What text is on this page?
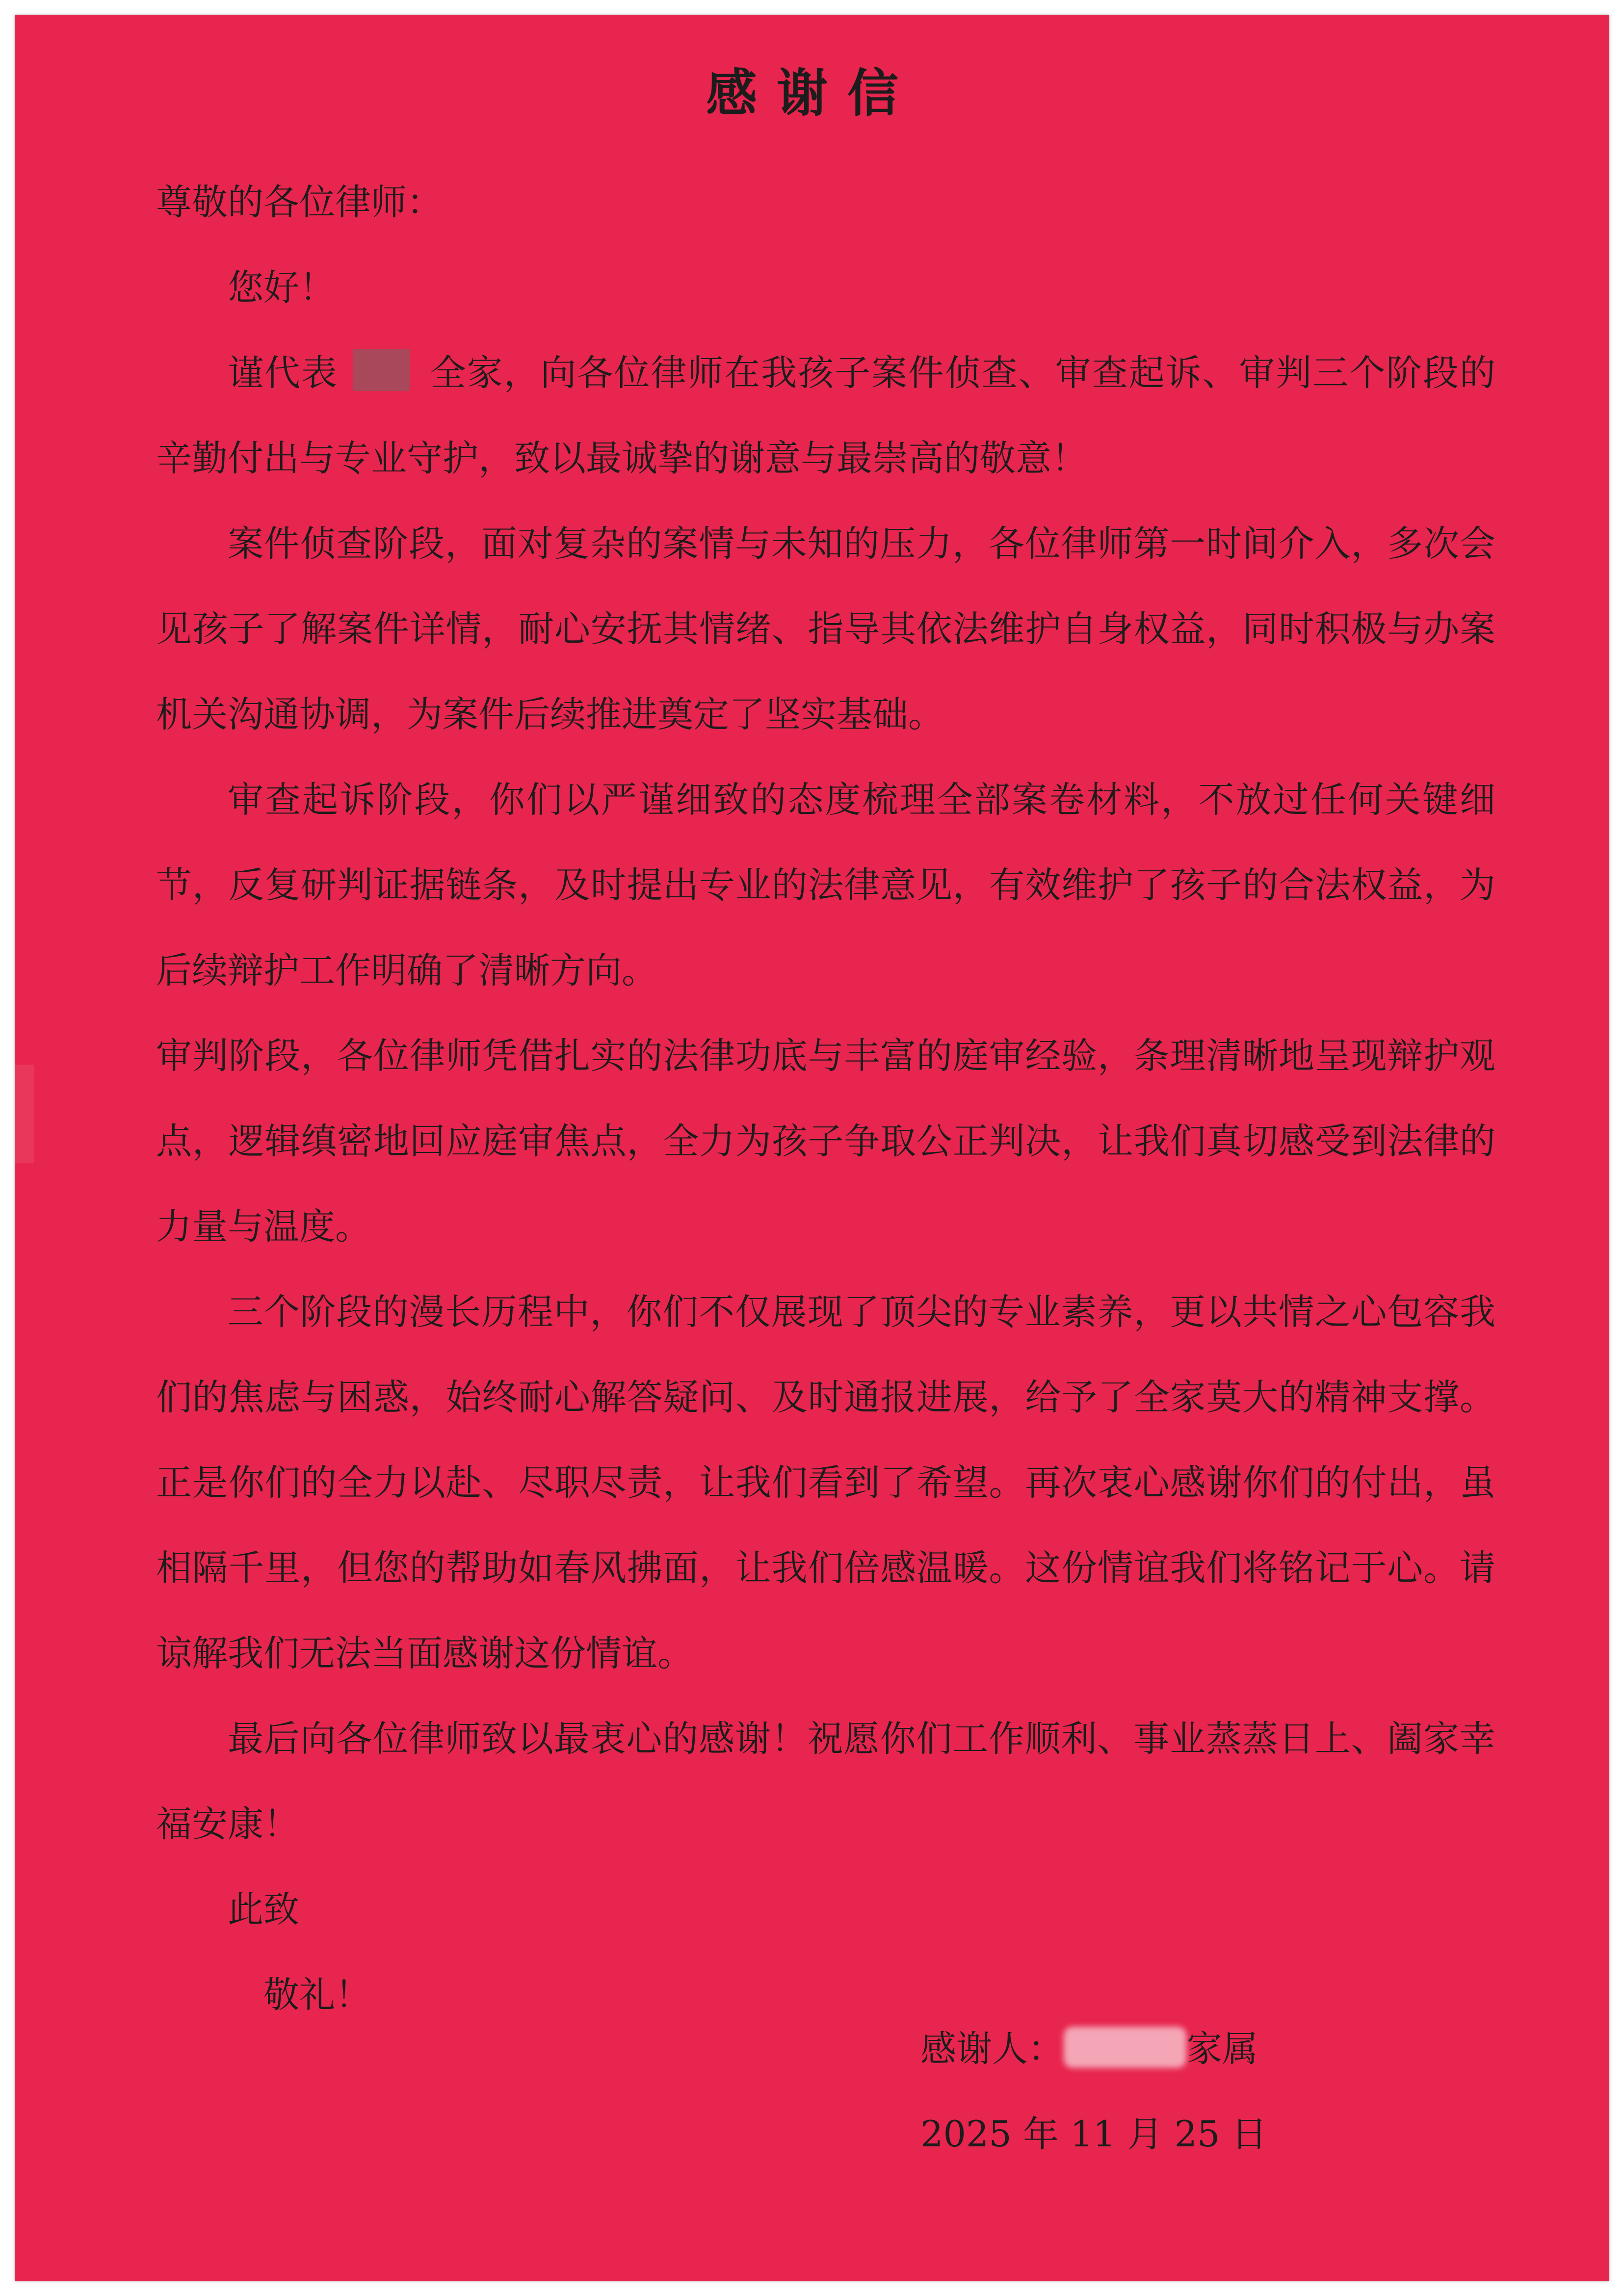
感谢信

尊敬的各位律师：

您好！

谨代表	全家，向各位律师在我孩子案件侦查、审查起诉、审判三个阶段的辛勤付出与专业守护，致以最诚挚的谢意与最崇高的敬意！

案件侦查阶段，面对复杂的案情与未知的压力，各位律师第一时间介入，多次会见孩子了解案件详情，耐心安抚其情绪、指导其依法维护自身权益，同时积极与办案机关沟通协调，为案件后续推进奠定了坚实基础。

审查起诉阶段，你们以严谨细致的态度梳理全部案卷材料，不放过任何关键细节，反复研判证据链条，及时提出专业的法律意见，有效维护了孩子的合法权益，为后续辩护工作明确了清晰方向。

审判阶段，各位律师凭借扎实的法律功底与丰富的庭审经验，条理清晰地呈现辩护观点，逻辑缜密地回应庭审焦点，全力为孩子争取公正判决，让我们真切感受到法律的力量与温度。

三个阶段的漫长历程中，你们不仅展现了顶尖的专业素养，更以共情之心包容我们的焦虑与困惑，始终耐心解答疑问、及时通报进展，给予了全家莫大的精神支撑。正是你们的全力以赴、尽职尽责，让我们看到了希望。再次衷心感谢你们的付出，虽相隔千里，但您的帮助如春风拂面，让我们倍感温暖。这份情谊我们将铭记于心。请谅解我们无法当面感谢这份情谊。

最后向各位律师致以最衷心的感谢！祝愿你们工作顺利、事业蒸蒸日上、阖家幸福安康！

此致

敬礼！

感谢人：	家属
2025 年 11 月 25 日
